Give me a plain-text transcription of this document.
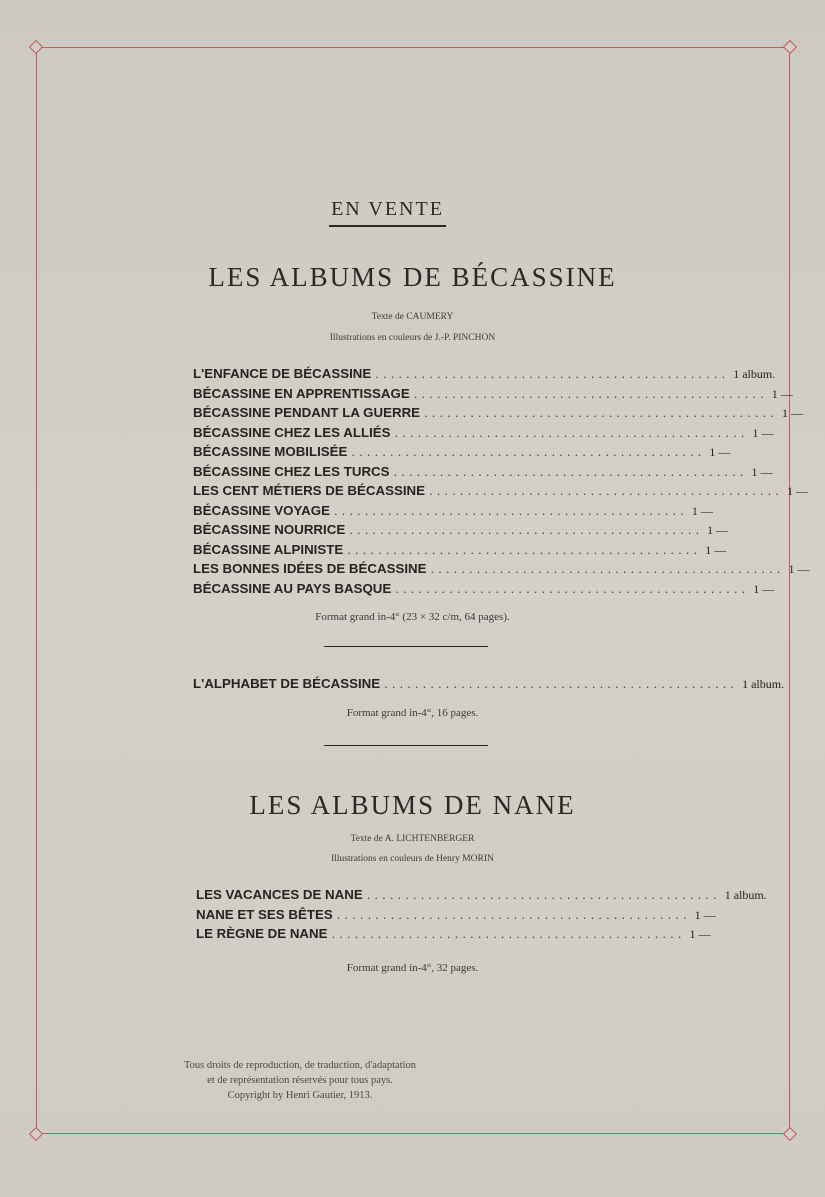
EN VENTE
LES ALBUMS DE BÉCASSINE
Texte de CAUMERY
Illustrations en couleurs de J.-P. PINCHON
L'ENFANCE DE BÉCASSINE .............................................. 1 album.
BÉCASSINE EN APPRENTISSAGE .............................................. 1 —
BÉCASSINE PENDANT LA GUERRE .............................................. 1 —
BÉCASSINE CHEZ LES ALLIÉS .............................................. 1 —
BÉCASSINE MOBILISÉE .............................................. 1 —
BÉCASSINE CHEZ LES TURCS .............................................. 1 —
LES CENT MÉTIERS DE BÉCASSINE .............................................. 1 —
BÉCASSINE VOYAGE .............................................. 1 —
BÉCASSINE NOURRICE .............................................. 1 —
BÉCASSINE ALPINISTE .............................................. 1 —
LES BONNES IDÉES DE BÉCASSINE .............................................. 1 —
BÉCASSINE AU PAYS BASQUE .............................................. 1 —
Format grand in-4° (23 × 32 c/m, 64 pages).
L'ALPHABET DE BÉCASSINE .............................................. 1 album.
Format grand in-4°, 16 pages.
LES ALBUMS DE NANE
Texte de A. LICHTENBERGER
Illustrations en couleurs de Henry MORIN
LES VACANCES DE NANE .............................................. 1 album.
NANE ET SES BÊTES .............................................. 1 —
LE RÈGNE DE NANE .............................................. 1 —
Format grand in-4°, 32 pages.
Tous droits de reproduction, de traduction, d'adaptation
et de représentation réservés pour tous pays.
Copyright by Henri Gautier, 1913.
